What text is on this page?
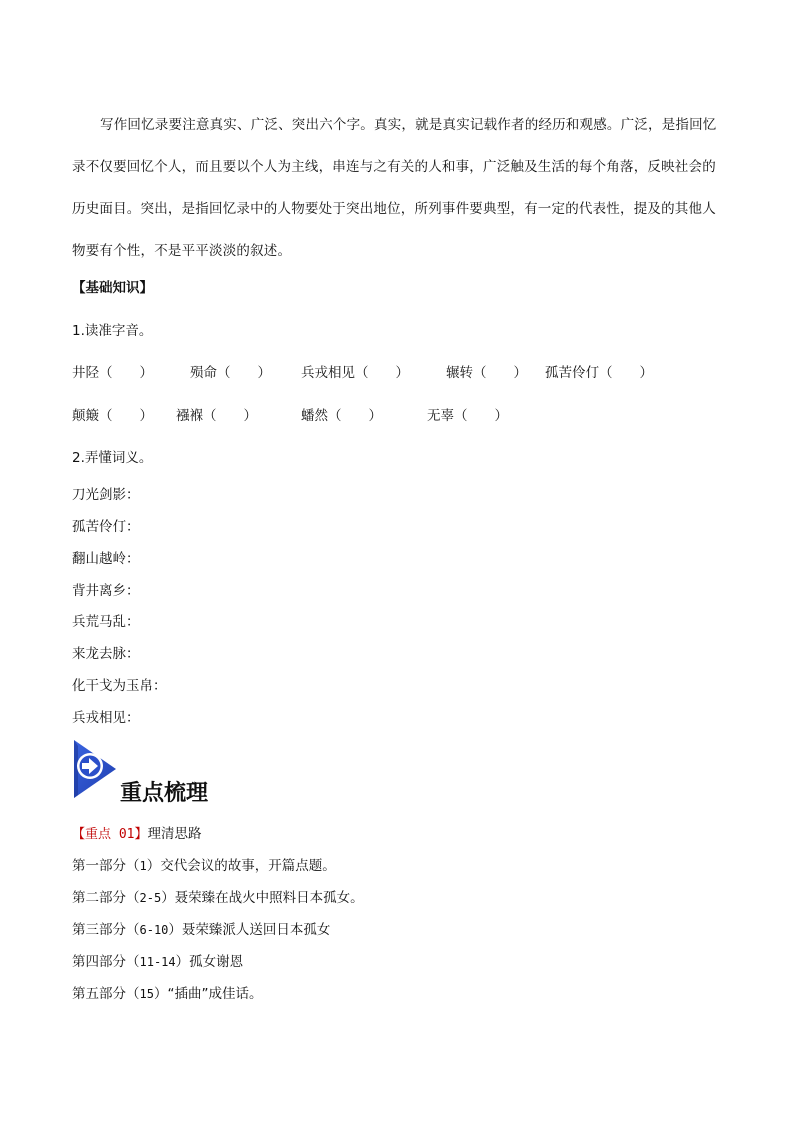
写作回忆录要注意真实、广泛、突出六个字。真实，就是真实记载作者的经历和观感。广泛，是指回忆录不仅要回忆个人，而且要以个人为主线，串连与之有关的人和事，广泛触及生活的每个角落，反映社会的历史面目。突出，是指回忆录中的人物要处于突出地位，所列事件要典型，有一定的代表性，提及的其他人物要有个性，不是平平淡淡的叙述。

【基础知识】

1.读准字音。

井陉（　　）	殒命（　　） 兵戎相见（　　）	辗转（　　） 孤苦伶仃（　　）
颠簸（　　） 襁褓（　　）	蟠然（　　）	无辜（　　）

2.弄懂词义。

刀光剑影：

孤苦伶仃：

翻山越岭：

背井离乡：

兵荒马乱：

来龙去脉：

化干戈为玉帛：

兵戎相见：

重点梳理
【重点 01】理清思路
第一部分（1）交代会议的故事，开篇点题。
第二部分（2-5）聂荣臻在战火中照料日本孤女。
第三部分（6-10）聂荣臻派人送回日本孤女
第四部分（11-14）孤女谢恩
第五部分（15）“插曲”成佳话。
